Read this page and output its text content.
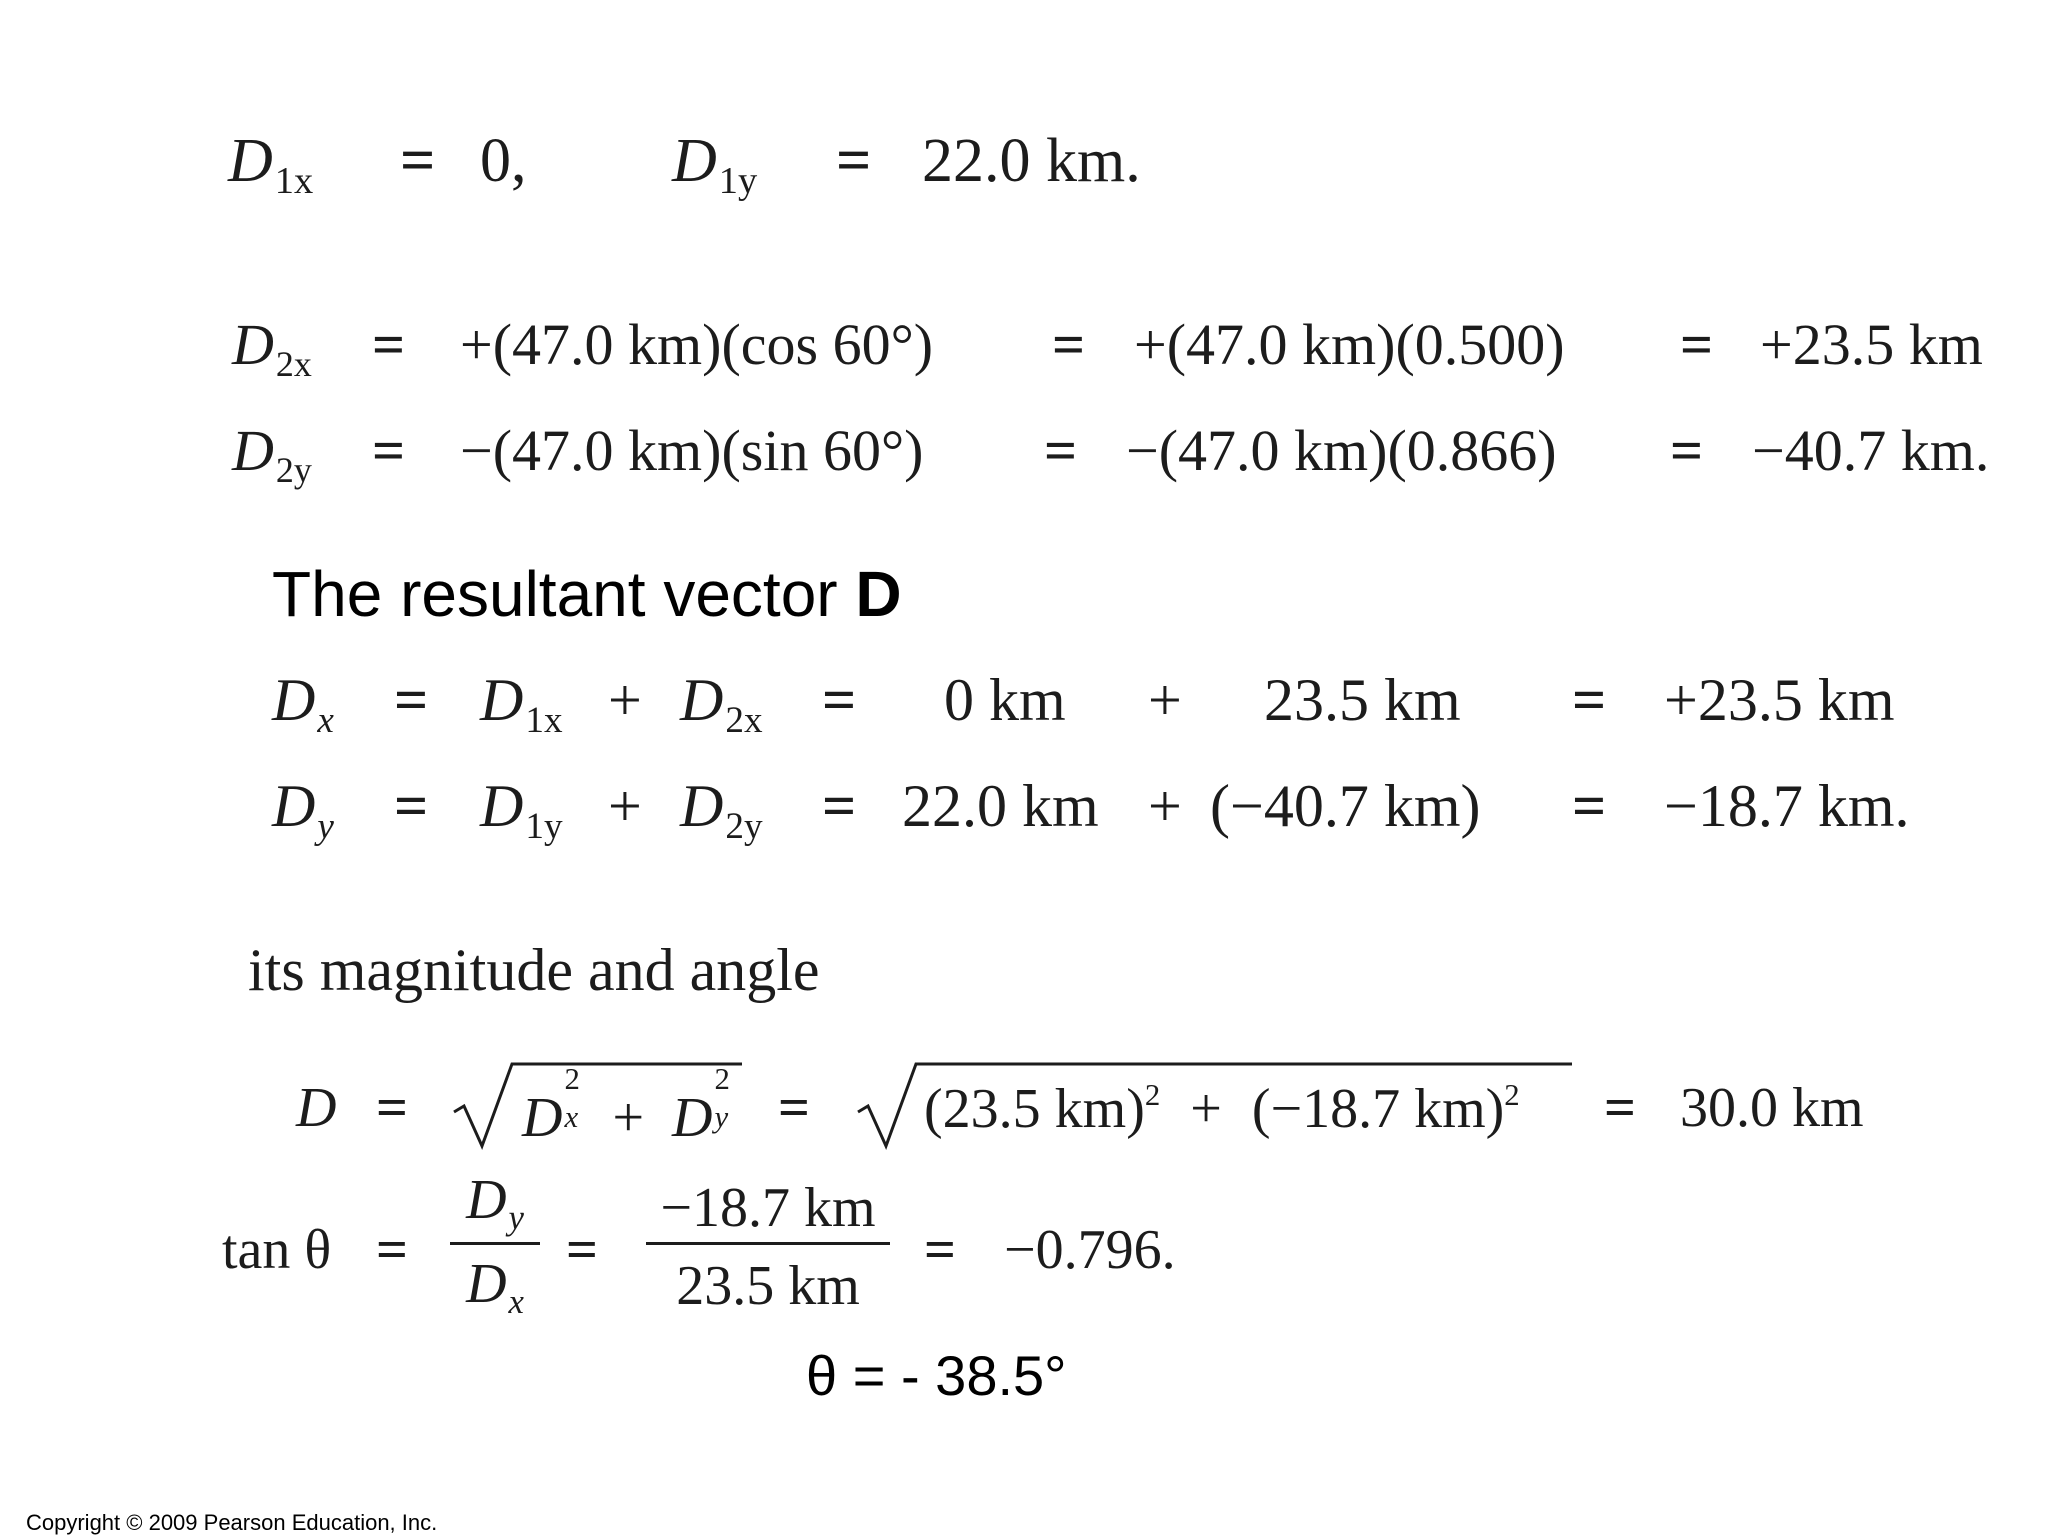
D1x = 0, D1y = 22.0 km.
D2x = +(47.0 km)(cos 60°) = +(47.0 km)(0.500) = +23.5 km
D2y = −(47.0 km)(sin 60°) = −(47.0 km)(0.866) = −40.7 km.
The resultant vector D
$D_x = D1x + D2x = 0$ km + 23.5 km = +23.5 km
$D_y = D1y + D2y = 22.0$ km + (−40.7 km) = −18.7 km.
its magnitude and angle
D = D
2
x + D
2
y = (23.5 km)$^2$ + (−18.7 km)$^2$ = 30.0 km
tan θ =
$D_y$
$D_x$
=
−18.7 km
23.5 km
= −0.796.
θ = - 38.5°
Copyright © 2009 Pearson Education, Inc.
